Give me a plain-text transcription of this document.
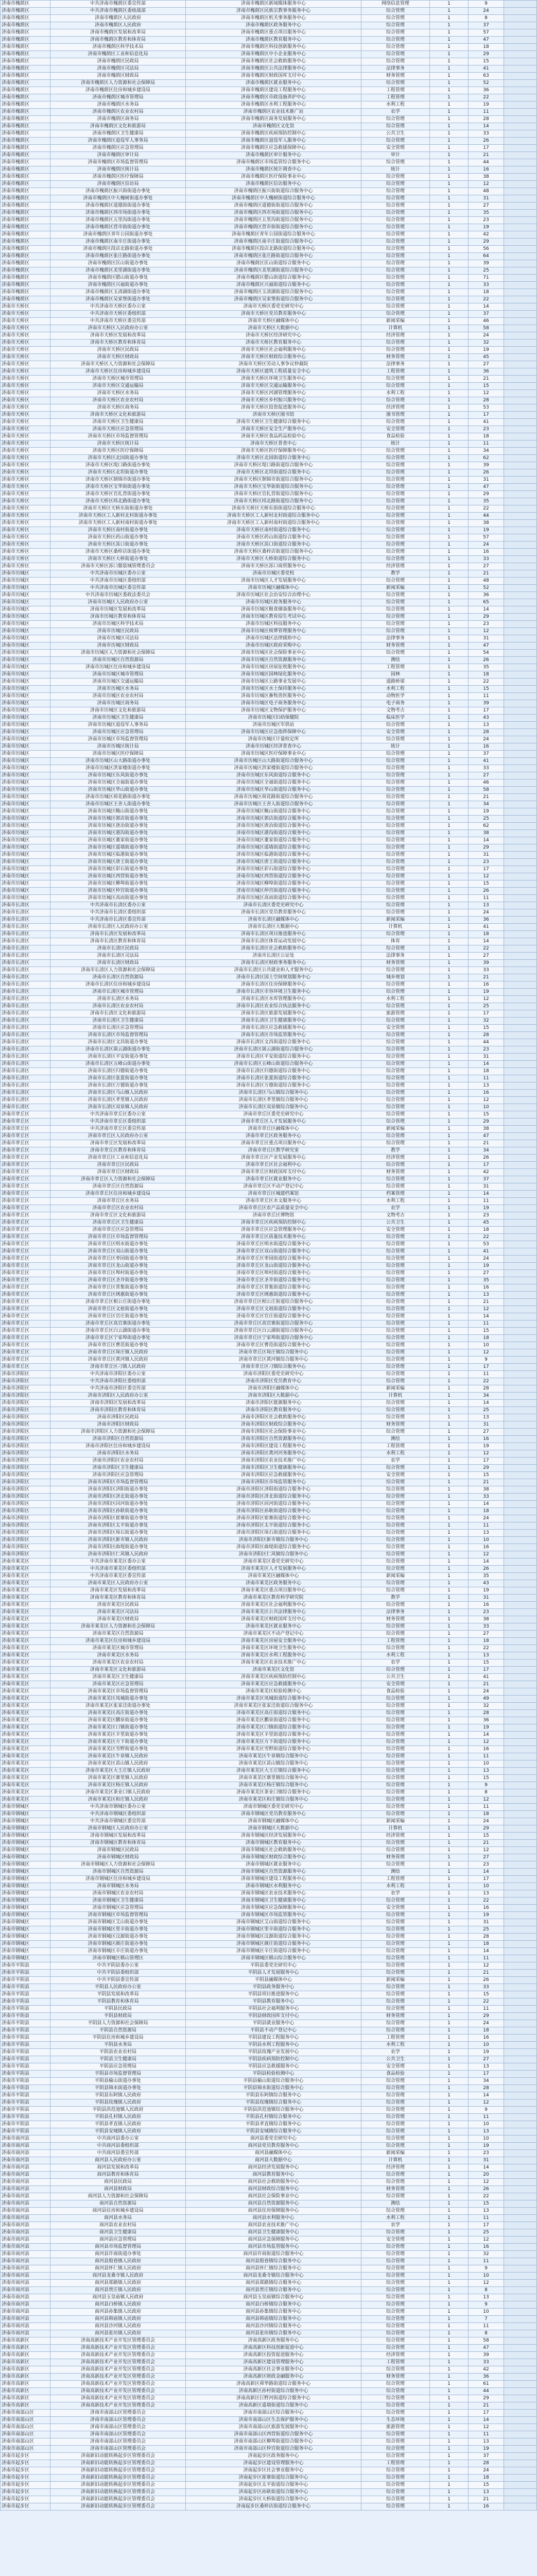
济南市槐荫区	中共济南市槐荫区委宣传部	济南市槐荫区新闻媒体服务中心	网络信息管理	1	9	
济南市槐荫区	中共济南市槐荫区委统战部	济南市槐荫区民族宗教事务服务中心	综合管理	1	24	
济南市槐荫区	济南市槐荫区人民政府	济南市槐荫区机关事务服务中心	综合管理	1	8	
济南市槐荫区	济南市槐荫区人民政府	济南市槐荫区政务服务中心	综合管理	1	37	
济南市槐荫区	济南市槐荫区发展和改革局	济南市槐荫区重点项目服务中心	综合管理	1	57	
济南市槐荫区	济南市槐荫区教育和体育局	济南市槐荫区教育服务中心	综合管理	1	47	
济南市槐荫区	济南市槐荫区科学技术局	济南市槐荫区科技创新服务中心	综合管理	1	18	
济南市槐荫区	济南市槐荫区工业和信息化局	济南市槐荫区中小企业服务中心	综合管理	1	29	
济南市槐荫区	济南市槐荫区民政局	济南市槐荫区社会救助服务中心	综合管理	1	15	
济南市槐荫区	济南市槐荫区司法局	济南市槐荫区公共法律服务中心	法律事务	1	41	
济南市槐荫区	济南市槐荫区财政局	济南市槐荫区财政国库支付中心	财务管理	1	63	
济南市槐荫区	济南市槐荫区人力资源和社会保障局	济南市槐荫区就业服务中心	综合管理	1	52	
济南市槐荫区	济南市槐荫区住房和城乡建设局	济南市槐荫区建设工程服务中心	工程管理	1	36	
济南市槐荫区	济南市槐荫区城市管理局	济南市槐荫区市政设施养护中心	工程管理	1	22	
济南市槐荫区	济南市槐荫区水务局	济南市槐荫区水利工程服务中心	水利工程	1	19	
济南市槐荫区	济南市槐荫区农业农村局	济南市槐荫区农业技术推广站	农学	1	11	
济南市槐荫区	济南市槐荫区商务局	济南市槐荫区商务发展服务中心	综合管理	1	28	
济南市槐荫区	济南市槐荫区文化和旅游局	济南市槐荫区文化馆	综合管理	1	14	
济南市槐荫区	济南市槐荫区卫生健康局	济南市槐荫区疾病预防控制中心	公共卫生	1	33	
济南市槐荫区	济南市槐荫区退役军人事务局	济南市槐荫区退役军人服务中心	综合管理	1	26	
济南市槐荫区	济南市槐荫区应急管理局	济南市槐荫区应急救援保障中心	安全管理	1	17	
济南市槐荫区	济南市槐荫区审计局	济南市槐荫区审计服务中心	审计	1	21	
济南市槐荫区	济南市槐荫区市场监督管理局	济南市槐荫区市场监管综合服务中心	综合管理	1	44	
济南市槐荫区	济南市槐荫区统计局	济南市槐荫区统计调查中心	统计	1	16	
济南市槐荫区	济南市槐荫区医疗保障局	济南市槐荫区医疗保险事业中心	综合管理	1	38	
济南市槐荫区	济南市槐荫区信访局	济南市槐荫区信访服务中心	综合管理	1	12	
济南市槐荫区	济南市槐荫区振兴街街道办事处	济南市槐荫区振兴街街道综合服务中心	综合管理	1	48	
济南市槐荫区	济南市槐荫区中大槐树街道办事处	济南市槐荫区中大槐树街道综合服务中心	综合管理	1	31	
济南市槐荫区	济南市槐荫区道德街街道办事处	济南市槐荫区道德街街道综合服务中心	综合管理	1	27	
济南市槐荫区	济南市槐荫区西市场街道办事处	济南市槐荫区西市场街道综合服务中心	综合管理	1	35	
济南市槐荫区	济南市槐荫区五里沟街道办事处	济南市槐荫区五里沟街道综合服务中心	综合管理	1	23	
济南市槐荫区	济南市槐荫区营市街街道办事处	济南市槐荫区营市街街道综合服务中心	综合管理	1	19	
济南市槐荫区	济南市槐荫区青年公园街道办事处	济南市槐荫区青年公园街道综合服务中心	综合管理	1	42	
济南市槐荫区	济南市槐荫区南辛庄街道办事处	济南市槐荫区南辛庄街道综合服务中心	综合管理	1	29	
济南市槐荫区	济南市槐荫区段店北路街道办事处	济南市槐荫区段店北路街道综合服务中心	综合管理	1	56	
济南市槐荫区	济南市槐荫区张庄路街道办事处	济南市槐荫区张庄路街道综合服务中心	综合管理	1	64	
济南市槐荫区	济南市槐荫区匡山街道办事处	济南市槐荫区匡山街道综合服务中心	综合管理	1	39	
济南市槐荫区	济南市槐荫区美里湖街道办事处	济南市槐荫区美里湖街道综合服务中心	综合管理	1	25	
济南市槐荫区	济南市槐荫区腊山街道办事处	济南市槐荫区腊山街道综合服务中心	综合管理	1	71	
济南市槐荫区	济南市槐荫区兴福街道办事处	济南市槐荫区兴福街道综合服务中心	综合管理	1	33	
济南市槐荫区	济南市槐荫区玉清湖街道办事处	济南市槐荫区玉清湖街道综合服务中心	综合管理	1	18	
济南市槐荫区	济南市槐荫区吴家堡街道办事处	济南市槐荫区吴家堡街道综合服务中心	综合管理	1	22	
济南市天桥区	中共济南市天桥区委办公室	济南市天桥区委党史研究中心	综合管理	1	14	
济南市天桥区	中共济南市天桥区委组织部	济南市天桥区党员教育服务中心	综合管理	1	37	
济南市天桥区	中共济南市天桥区委宣传部	济南市天桥区融媒体中心	新闻采编	1	46	
济南市天桥区	济南市天桥区人民政府办公室	济南市天桥区大数据中心	计算机	1	58	
济南市天桥区	济南市天桥区发展和改革局	济南市天桥区经济研究中心	经济管理	1	24	
济南市天桥区	济南市天桥区教育和体育局	济南市天桥区教育服务中心	综合管理	1	32	
济南市天桥区	济南市天桥区民政局	济南市天桥区社会福利服务中心	综合管理	1	19	
济南市天桥区	济南市天桥区财政局	济南市天桥区财政综合服务中心	财务管理	1	45	
济南市天桥区	济南市天桥区人力资源和社会保障局	济南市天桥区劳动人事争议仲裁院	法律事务	1	27	
济南市天桥区	济南市天桥区住房和城乡建设局	济南市天桥区建筑工程质量安全中心	工程管理	1	36	
济南市天桥区	济南市天桥区城市管理局	济南市天桥区环境卫生服务中心	综合管理	1	21	
济南市天桥区	济南市天桥区交通运输局	济南市天桥区交通运输服务中心	综合管理	1	15	
济南市天桥区	济南市天桥区水务局	济南市天桥区河湖管理服务中心	水利工程	1	12	
济南市天桥区	济南市天桥区农业农村局	济南市天桥区乡村振兴服务中心	综合管理	1	28	
济南市天桥区	济南市天桥区商务局	济南市天桥区投资促进服务中心	经济管理	1	53	
济南市天桥区	济南市天桥区文化和旅游局	济南市天桥区图书馆	图书管理	1	17	
济南市天桥区	济南市天桥区卫生健康局	济南市天桥区卫生健康综合服务中心	综合管理	1	41	
济南市天桥区	济南市天桥区应急管理局	济南市天桥区安全生产服务中心	安全管理	1	23	
济南市天桥区	济南市天桥区市场监督管理局	济南市天桥区食品药品检验中心	食品检验	1	18	
济南市天桥区	济南市天桥区统计局	济南市天桥区普查中心	统计	1	11	
济南市天桥区	济南市天桥区医疗保障局	济南市天桥区医疗保障服务中心	综合管理	1	34	
济南市天桥区	济南市天桥区北园街道办事处	济南市天桥区北园街道综合服务中心	综合管理	1	62	
济南市天桥区	济南市天桥区堤口路街道办事处	济南市天桥区堤口路街道综合服务中心	综合管理	1	39	
济南市天桥区	济南市天桥区北坦街道办事处	济南市天桥区北坦街道综合服务中心	综合管理	1	26	
济南市天桥区	济南市天桥区制锦市街道办事处	济南市天桥区制锦市街道综合服务中心	综合管理	1	31	
济南市天桥区	济南市天桥区宝华街街道办事处	济南市天桥区宝华街街道综合服务中心	综合管理	1	47	
济南市天桥区	济南市天桥区官扎营街道办事处	济南市天桥区官扎营街道综合服务中心	综合管理	1	29	
济南市天桥区	济南市天桥区纬北路街道办事处	济南市天桥区纬北路街道综合服务中心	综合管理	1	35	
济南市天桥区	济南市天桥区天桥东街街道办事处	济南市天桥区天桥东街街道综合服务中心	综合管理	1	22	
济南市天桥区	济南市天桥区工人新村北村街道办事处	济南市天桥区工人新村北村街道综合服务中心	综合管理	1	44	
济南市天桥区	济南市天桥区工人新村南村街道办事处	济南市天桥区工人新村南村街道综合服务中心	综合管理	1	38	
济南市天桥区	济南市天桥区南村街道办事处	济南市天桥区南村街道综合服务中心	综合管理	1	19	
济南市天桥区	济南市天桥区药山街道办事处	济南市天桥区药山街道综合服务中心	综合管理	1	57	
济南市天桥区	济南市天桥区泺口街道办事处	济南市天桥区泺口街道综合服务中心	综合管理	1	24	
济南市天桥区	济南市天桥区桑梓店街道办事处	济南市天桥区桑梓店街道综合服务中心	综合管理	1	16	
济南市天桥区	济南市天桥区大桥街道办事处	济南市天桥区大桥街道综合服务中心	综合管理	1	33	
济南市天桥区	济南市天桥区泺口服装城管理委员会	济南市天桥区泺口商贸服务中心	经济管理	1	27	
济南市历城区	中共济南市历城区委办公室	济南市历城区委党校	教学	1	21	
济南市历城区	中共济南市历城区委组织部	济南市历城区人才发展服务中心	综合管理	1	48	
济南市历城区	中共济南市历城区委宣传部	济南市历城区融媒体中心	新闻采编	1	52	
济南市历城区	中共济南市历城区委政法委员会	济南市历城区社会治安综合治理中心	综合管理	1	36	
济南市历城区	济南市历城区人民政府办公室	济南市历城区政务服务中心	综合管理	1	65	
济南市历城区	济南市历城区发展和改革局	济南市历城区粮食储备服务中心	综合管理	1	14	
济南市历城区	济南市历城区教育和体育局	济南市历城区教育招生考试中心	综合管理	1	29	
济南市历城区	济南市历城区科学技术局	济南市历城区科技服务中心	综合管理	1	23	
济南市历城区	济南市历城区民政局	济南市历城区殡葬管理服务中心	综合管理	1	12	
济南市历城区	济南市历城区司法局	济南市历城区法律援助中心	法律事务	1	31	
济南市历城区	济南市历城区财政局	济南市历城区政府采购中心	财务管理	1	47	
济南市历城区	济南市历城区人力资源和社会保障局	济南市历城区社会保险事业中心	综合管理	1	54	
济南市历城区	济南市历城区自然资源局	济南市历城区自然资源服务中心	测绘	1	26	
济南市历城区	济南市历城区住房和城乡建设局	济南市历城区房屋征收服务中心	工程管理	1	35	
济南市历城区	济南市历城区城市管理局	济南市历城区园林绿化服务中心	园林	1	18	
济南市历城区	济南市历城区交通运输局	济南市历城区公路事业发展中心	道路桥梁	1	22	
济南市历城区	济南市历城区水务局	济南市历城区水土保持服务中心	水利工程	1	15	
济南市历城区	济南市历城区农业农村局	济南市历城区畜牧兽医服务中心	动物医学	1	11	
济南市历城区	济南市历城区商务局	济南市历城区电子商务服务中心	电子商务	1	39	
济南市历城区	济南市历城区文化和旅游局	济南市历城区文物保护服务中心	文物考古	1	17	
济南市历城区	济南市历城区卫生健康局	济南市历城区妇幼保健院	临床医学	1	43	
济南市历城区	济南市历城区退役军人事务局	济南市历城区军供站	综合管理	1	13	
济南市历城区	济南市历城区应急管理局	济南市历城区应急指挥保障中心	安全管理	1	28	
济南市历城区	济南市历城区市场监督管理局	济南市历城区计量检定所	综合管理	1	24	
济南市历城区	济南市历城区统计局	济南市历城区经济普查中心	统计	1	16	
济南市历城区	济南市历城区医疗保障局	济南市历城区医疗保障事业中心	综合管理	1	37	
济南市历城区	济南市历城区山大路街道办事处	济南市历城区山大路街道综合服务中心	综合管理	1	41	
济南市历城区	济南市历城区洪家楼街道办事处	济南市历城区洪家楼街道综合服务中心	综合管理	1	33	
济南市历城区	济南市历城区东风街道办事处	济南市历城区东风街道综合服务中心	综合管理	1	27	
济南市历城区	济南市历城区全福街道办事处	济南市历城区全福街道综合服务中心	综合管理	1	46	
济南市历城区	济南市历城区华山街道办事处	济南市历城区华山街道综合服务中心	综合管理	1	58	
济南市历城区	济南市历城区荷花路街道办事处	济南市历城区荷花路街道综合服务中心	综合管理	1	21	
济南市历城区	济南市历城区王舍人街道办事处	济南市历城区王舍人街道综合服务中心	综合管理	1	34	
济南市历城区	济南市历城区鲍山街道办事处	济南市历城区鲍山街道综合服务中心	综合管理	1	19	
济南市历城区	济南市历城区郭店街道办事处	济南市历城区郭店街道综合服务中心	综合管理	1	25	
济南市历城区	济南市历城区唐冶街道办事处	济南市历城区唐冶街道综合服务中心	综合管理	1	62	
济南市历城区	济南市历城区港沟街道办事处	济南市历城区港沟街道综合服务中心	综合管理	1	38	
济南市历城区	济南市历城区董家街道办事处	济南市历城区董家街道综合服务中心	综合管理	1	14	
济南市历城区	济南市历城区遥墙街道办事处	济南市历城区遥墙街道综合服务中心	综合管理	1	29	
济南市历城区	济南市历城区临港街道办事处	济南市历城区临港街道综合服务中心	综合管理	1	31	
济南市历城区	济南市历城区唐王街道办事处	济南市历城区唐王街道综合服务中心	综合管理	1	23	
济南市历城区	济南市历城区彩石街道办事处	济南市历城区彩石街道综合服务中心	综合管理	1	17	
济南市历城区	济南市历城区西营街道办事处	济南市历城区西营街道综合服务中心	综合管理	1	12	
济南市历城区	济南市历城区柳埠街道办事处	济南市历城区柳埠街道综合服务中心	综合管理	1	15	
济南市历城区	济南市历城区仲宫街道办事处	济南市历城区仲宫街道综合服务中心	综合管理	1	26	
济南市历城区	济南市历城区高而街道办事处	济南市历城区高而街道综合服务中心	综合管理	1	11	
济南市长清区	中共济南市长清区委办公室	济南市长清区委党史研究中心	综合管理	1	13	
济南市长清区	中共济南市长清区委组织部	济南市长清区党员教育服务中心	综合管理	1	24	
济南市长清区	中共济南市长清区委宣传部	济南市长清区融媒体中心	新闻采编	1	36	
济南市长清区	济南市长清区人民政府办公室	济南市长清区大数据中心	计算机	1	41	
济南市长清区	济南市长清区发展和改革局	济南市长清区项目推进服务中心	综合管理	1	18	
济南市长清区	济南市长清区教育和体育局	济南市长清区体育运动发展中心	体育	1	14	
济南市长清区	济南市长清区民政局	济南市长清区社会救助服务中心	综合管理	1	22	
济南市长清区	济南市长清区司法局	济南市长清区公证处	法律事务	1	27	
济南市长清区	济南市长清区财政局	济南市长清区财政事务服务中心	财务管理	1	39	
济南市长清区	济南市长清区人力资源和社会保障局	济南市长清区公共就业和人才服务中心	综合管理	1	33	
济南市长清区	济南市长清区自然资源局	济南市长清区国土空间规划服务中心	城乡规划	1	21	
济南市长清区	济南市长清区住房和城乡建设局	济南市长清区住房保障服务中心	综合管理	1	16	
济南市长清区	济南市长清区城市管理局	济南市长清区市容环境卫生服务中心	综合管理	1	19	
济南市长清区	济南市长清区水务局	济南市长清区水库管理服务中心	水利工程	1	12	
济南市长清区	济南市长清区农业农村局	济南市长清区农业综合执法服务中心	综合管理	1	25	
济南市长清区	济南市长清区文化和旅游局	济南市长清区旅游发展服务中心	旅游管理	1	17	
济南市长清区	济南市长清区卫生健康局	济南市长清区卫生健康服务中心	综合管理	1	32	
济南市长清区	济南市长清区应急管理局	济南市长清区应急救援服务中心	安全管理	1	15	
济南市长清区	济南市长清区市场监督管理局	济南市长清区市场监管服务中心	综合管理	1	28	
济南市长清区	济南市长清区文昌街道办事处	济南市长清区文昌街道综合服务中心	综合管理	1	44	
济南市长清区	济南市长清区崮云湖街道办事处	济南市长清区崮云湖街道综合服务中心	综合管理	1	23	
济南市长清区	济南市长清区平安街道办事处	济南市长清区平安街道综合服务中心	综合管理	1	31	
济南市长清区	济南市长清区五峰山街道办事处	济南市长清区五峰山街道综合服务中心	综合管理	1	14	
济南市长清区	济南市长清区归德街道办事处	济南市长清区归德街道综合服务中心	综合管理	1	18	
济南市长清区	济南市长清区张夏街道办事处	济南市长清区张夏街道综合服务中心	综合管理	1	11	
济南市长清区	济南市长清区万德街道办事处	济南市长清区万德街道综合服务中心	综合管理	1	13	
济南市长清区	济南市长清区马山镇人民政府	济南市长清区马山镇综合服务中心	综合管理	1	16	
济南市长清区	济南市长清区孝里镇人民政府	济南市长清区孝里镇综合服务中心	综合管理	1	12	
济南市长清区	济南市长清区双泉镇人民政府	济南市长清区双泉镇综合服务中心	综合管理	1	10	
济南市章丘区	中共济南市章丘区委办公室	济南市章丘区委党史研究中心	综合管理	1	15	
济南市章丘区	中共济南市章丘区委组织部	济南市章丘区人才发展服务中心	综合管理	1	29	
济南市章丘区	中共济南市章丘区委宣传部	济南市章丘区融媒体中心	新闻采编	1	38	
济南市章丘区	济南市章丘区人民政府办公室	济南市章丘区政务服务中心	综合管理	1	47	
济南市章丘区	济南市章丘区发展和改革局	济南市章丘区重点项目服务中心	综合管理	1	21	
济南市章丘区	济南市章丘区教育和体育局	济南市章丘区教学研究室	教学	1	34	
济南市章丘区	济南市章丘区工业和信息化局	济南市章丘区产业发展服务中心	经济管理	1	26	
济南市章丘区	济南市章丘区民政局	济南市章丘区社会福利中心	综合管理	1	17	
济南市章丘区	济南市章丘区财政局	济南市章丘区财政国库支付中心	财务管理	1	42	
济南市章丘区	济南市章丘区人力资源和社会保障局	济南市章丘区就业服务中心	综合管理	1	37	
济南市章丘区	济南市章丘区自然资源局	济南市章丘区不动产登记中心	综合管理	1	31	
济南市章丘区	济南市章丘区住房和城乡建设局	济南市章丘区城建档案馆	档案管理	1	14	
济南市章丘区	济南市章丘区水务局	济南市章丘区水文服务中心	水利工程	1	11	
济南市章丘区	济南市章丘区农业农村局	济南市章丘区农产品质量安全中心	农学	1	19	
济南市章丘区	济南市章丘区文化和旅游局	济南市章丘区博物馆	文物考古	1	23	
济南市章丘区	济南市章丘区卫生健康局	济南市章丘区疾病预防控制中心	公共卫生	1	45	
济南市章丘区	济南市章丘区应急管理局	济南市章丘区应急管理服务中心	安全管理	1	18	
济南市章丘区	济南市章丘区市场监督管理局	济南市章丘区质量技术服务中心	综合管理	1	22	
济南市章丘区	济南市章丘区明水街道办事处	济南市章丘区明水街道综合服务中心	综合管理	1	53	
济南市章丘区	济南市章丘区双山街道办事处	济南市章丘区双山街道综合服务中心	综合管理	1	41	
济南市章丘区	济南市章丘区枣园街道办事处	济南市章丘区枣园街道综合服务中心	综合管理	1	24	
济南市章丘区	济南市章丘区龙山街道办事处	济南市章丘区龙山街道综合服务中心	综合管理	1	19	
济南市章丘区	济南市章丘区埠村街道办事处	济南市章丘区埠村街道综合服务中心	综合管理	1	27	
济南市章丘区	济南市章丘区圣井街道办事处	济南市章丘区圣井街道综合服务中心	综合管理	1	35	
济南市章丘区	济南市章丘区普集街道办事处	济南市章丘区普集街道综合服务中心	综合管理	1	16	
济南市章丘区	济南市章丘区绣惠街道办事处	济南市章丘区绣惠街道综合服务中心	综合管理	1	13	
济南市章丘区	济南市章丘区相公庄街道办事处	济南市章丘区相公庄街道综合服务中心	综合管理	1	21	
济南市章丘区	济南市章丘区文祖街道办事处	济南市章丘区文祖街道综合服务中心	综合管理	1	12	
济南市章丘区	济南市章丘区官庄街道办事处	济南市章丘区官庄街道综合服务中心	综合管理	1	14	
济南市章丘区	济南市章丘区高官寨街道办事处	济南市章丘区高官寨街道综合服务中心	综合管理	1	11	
济南市章丘区	济南市章丘区白云湖街道办事处	济南市章丘区白云湖街道综合服务中心	综合管理	1	15	
济南市章丘区	济南市章丘区宁家埠街道办事处	济南市章丘区宁家埠街道综合服务中心	综合管理	1	18	
济南市章丘区	济南市章丘区曹范街道办事处	济南市章丘区曹范街道综合服务中心	综合管理	1	10	
济南市章丘区	济南市章丘区垛庄镇人民政府	济南市章丘区垛庄镇综合服务中心	综合管理	1	12	
济南市章丘区	济南市章丘区黄河镇人民政府	济南市章丘区黄河镇综合服务中心	综合管理	1	9	
济南市章丘区	济南市章丘区刁镇人民政府	济南市章丘区刁镇综合服务中心	综合管理	1	17	
济南市济阳区	中共济南市济阳区委办公室	济南市济阳区委党史研究中心	综合管理	1	11	
济南市济阳区	中共济南市济阳区委组织部	济南市济阳区党员教育中心	综合管理	1	22	
济南市济阳区	中共济南市济阳区委宣传部	济南市济阳区融媒体中心	新闻采编	1	28	
济南市济阳区	济南市济阳区人民政府办公室	济南市济阳区大数据中心	计算机	1	34	
济南市济阳区	济南市济阳区发展和改革局	济南市济阳区能源服务中心	综合管理	1	14	
济南市济阳区	济南市济阳区教育和体育局	济南市济阳区教育服务中心	综合管理	1	25	
济南市济阳区	济南市济阳区民政局	济南市济阳区社会救助服务中心	综合管理	1	13	
济南市济阳区	济南市济阳区财政局	济南市济阳区财政综合服务中心	财务管理	1	31	
济南市济阳区	济南市济阳区人力资源和社会保障局	济南市济阳区社会保险事业中心	综合管理	1	27	
济南市济阳区	济南市济阳区自然资源局	济南市济阳区自然资源服务中心	测绘	1	16	
济南市济阳区	济南市济阳区住房和城乡建设局	济南市济阳区建设工程服务中心	工程管理	1	19	
济南市济阳区	济南市济阳区水务局	济南市济阳区黄河河务服务中心	水利工程	1	12	
济南市济阳区	济南市济阳区农业农村局	济南市济阳区农业技术推广中心	农学	1	17	
济南市济阳区	济南市济阳区卫生健康局	济南市济阳区卫生健康服务中心	综合管理	1	29	
济南市济阳区	济南市济阳区应急管理局	济南市济阳区应急救援服务中心	安全管理	1	15	
济南市济阳区	济南市济阳区市场监督管理局	济南市济阳区市场监管服务中心	综合管理	1	21	
济南市济阳区	济南市济阳区济阳街道办事处	济南市济阳区济阳街道综合服务中心	综合管理	1	38	
济南市济阳区	济南市济阳区济北街道办事处	济南市济阳区济北街道综合服务中心	综合管理	1	33	
济南市济阳区	济南市济阳区回河街道办事处	济南市济阳区回河街道综合服务中心	综合管理	1	14	
济南市济阳区	济南市济阳区孙耿街道办事处	济南市济阳区孙耿街道综合服务中心	综合管理	1	18	
济南市济阳区	济南市济阳区崔寨街道办事处	济南市济阳区崔寨街道综合服务中心	综合管理	1	24	
济南市济阳区	济南市济阳区太平街道办事处	济南市济阳区太平街道综合服务中心	综合管理	1	11	
济南市济阳区	济南市济阳区垛石街道办事处	济南市济阳区垛石街道综合服务中心	综合管理	1	13	
济南市济阳区	济南市济阳区新市镇人民政府	济南市济阳区新市镇综合服务中心	综合管理	1	10	
济南市济阳区	济南市济阳区曲堤街道办事处	济南市济阳区曲堤街道综合服务中心	综合管理	1	16	
济南市济阳区	济南市济阳区仁风镇人民政府	济南市济阳区仁风镇综合服务中心	综合管理	1	12	
济南市莱芜区	中共济南市莱芜区委办公室	济南市莱芜区委党史研究中心	综合管理	1	14	
济南市莱芜区	中共济南市莱芜区委组织部	济南市莱芜区人才发展服务中心	综合管理	1	26	
济南市莱芜区	中共济南市莱芜区委宣传部	济南市莱芜区融媒体中心	新闻采编	1	35	
济南市莱芜区	济南市莱芜区人民政府办公室	济南市莱芜区政务服务中心	综合管理	1	43	
济南市莱芜区	济南市莱芜区发展和改革局	济南市莱芜区重点项目服务中心	综合管理	1	19	
济南市莱芜区	济南市莱芜区教育和体育局	济南市莱芜区教育科学研究院	教学	1	31	
济南市莱芜区	济南市莱芜区民政局	济南市莱芜区社会福利服务中心	综合管理	1	16	
济南市莱芜区	济南市莱芜区司法局	济南市莱芜区公共法律服务中心	法律事务	1	23	
济南市莱芜区	济南市莱芜区财政局	济南市莱芜区财政国库支付中心	财务管理	1	38	
济南市莱芜区	济南市莱芜区人力资源和社会保障局	济南市莱芜区就业服务中心	综合管理	1	33	
济南市莱芜区	济南市莱芜区自然资源局	济南市莱芜区不动产登记中心	综合管理	1	27	
济南市莱芜区	济南市莱芜区住房和城乡建设局	济南市莱芜区房屋安全服务中心	工程管理	1	18	
济南市莱芜区	济南市莱芜区城市管理局	济南市莱芜区环境卫生服务中心	综合管理	1	22	
济南市莱芜区	济南市莱芜区水务局	济南市莱芜区水利工程服务中心	水利工程	1	13	
济南市莱芜区	济南市莱芜区农业农村局	济南市莱芜区农业技术推广中心	农学	1	15	
济南市莱芜区	济南市莱芜区文化和旅游局	济南市莱芜区文化馆	综合管理	1	17	
济南市莱芜区	济南市莱芜区卫生健康局	济南市莱芜区疾病预防控制中心	公共卫生	1	41	
济南市莱芜区	济南市莱芜区应急管理局	济南市莱芜区应急救援服务中心	安全管理	1	21	
济南市莱芜区	济南市莱芜区市场监督管理局	济南市莱芜区检验检测中心	食品检验	1	24	
济南市莱芜区	济南市莱芜区凤城街道办事处	济南市莱芜区凤城街道综合服务中心	综合管理	1	49	
济南市莱芜区	济南市莱芜区张家洼街道办事处	济南市莱芜区张家洼街道综合服务中心	综合管理	1	32	
济南市莱芜区	济南市莱芜区高庄街道办事处	济南市莱芜区高庄街道综合服务中心	综合管理	1	28	
济南市莱芜区	济南市莱芜区鹏泉街道办事处	济南市莱芜区鹏泉街道综合服务中心	综合管理	1	36	
济南市莱芜区	济南市莱芜区口镇街道办事处	济南市莱芜区口镇街道综合服务中心	综合管理	1	19	
济南市莱芜区	济南市莱芜区羊里街道办事处	济南市莱芜区羊里街道综合服务中心	综合管理	1	14	
济南市莱芜区	济南市莱芜区方下街道办事处	济南市莱芜区方下街道综合服务中心	综合管理	1	12	
济南市莱芜区	济南市莱芜区雪野街道办事处	济南市莱芜区雪野街道综合服务中心	综合管理	1	16	
济南市莱芜区	济南市莱芜区牛泉镇人民政府	济南市莱芜区牛泉镇综合服务中心	综合管理	1	11	
济南市莱芜区	济南市莱芜区苗山镇人民政府	济南市莱芜区苗山镇综合服务中心	综合管理	1	10	
济南市莱芜区	济南市莱芜区大王庄镇人民政府	济南市莱芜区大王庄镇综合服务中心	综合管理	1	13	
济南市莱芜区	济南市莱芜区寨里镇人民政府	济南市莱芜区寨里镇综合服务中心	综合管理	1	15	
济南市莱芜区	济南市莱芜区杨庄镇人民政府	济南市莱芜区杨庄镇综合服务中心	综合管理	1	9	
济南市莱芜区	济南市莱芜区茶业口镇人民政府	济南市莱芜区茶业口镇综合服务中心	综合管理	1	8	
济南市莱芜区	济南市莱芜区和庄镇人民政府	济南市莱芜区和庄镇综合服务中心	综合管理	1	12	
济南市钢城区	中共济南市钢城区委办公室	济南市钢城区委党史研究中心	综合管理	1	11	
济南市钢城区	中共济南市钢城区委组织部	济南市钢城区党员教育服务中心	综合管理	1	18	
济南市钢城区	中共济南市钢城区委宣传部	济南市钢城区融媒体中心	新闻采编	1	24	
济南市钢城区	济南市钢城区人民政府办公室	济南市钢城区大数据中心	计算机	1	29	
济南市钢城区	济南市钢城区发展和改革局	济南市钢城区经济发展服务中心	经济管理	1	15	
济南市钢城区	济南市钢城区教育和体育局	济南市钢城区教育服务中心	综合管理	1	21	
济南市钢城区	济南市钢城区民政局	济南市钢城区社会救助服务中心	综合管理	1	12	
济南市钢城区	济南市钢城区财政局	济南市钢城区财政综合服务中心	财务管理	1	27	
济南市钢城区	济南市钢城区人力资源和社会保障局	济南市钢城区就业服务中心	综合管理	1	23	
济南市钢城区	济南市钢城区自然资源局	济南市钢城区自然资源服务中心	测绘	1	14	
济南市钢城区	济南市钢城区住房和城乡建设局	济南市钢城区建设工程服务中心	工程管理	1	17	
济南市钢城区	济南市钢城区水务局	济南市钢城区水利服务中心	水利工程	1	10	
济南市钢城区	济南市钢城区农业农村局	济南市钢城区农业技术服务中心	农学	1	13	
济南市钢城区	济南市钢城区卫生健康局	济南市钢城区卫生健康服务中心	综合管理	1	22	
济南市钢城区	济南市钢城区应急管理局	济南市钢城区应急保障服务中心	安全管理	1	16	
济南市钢城区	济南市钢城区市场监督管理局	济南市钢城区市场监管服务中心	综合管理	1	19	
济南市钢城区	济南市钢城区艾山街道办事处	济南市钢城区艾山街道综合服务中心	综合管理	1	31	
济南市钢城区	济南市钢城区里辛街道办事处	济南市钢城区里辛街道综合服务中心	综合管理	1	25	
济南市钢城区	济南市钢城区汶源街道办事处	济南市钢城区汶源街道综合服务中心	综合管理	1	28	
济南市钢城区	济南市钢城区颜庄街道办事处	济南市钢城区颜庄街道综合服务中心	综合管理	1	18	
济南市钢城区	济南市钢城区辛庄街道办事处	济南市钢城区辛庄街道综合服务中心	综合管理	1	14	
济南市钢城区	济南市钢城区棋山管理区	济南市钢城区棋山综合服务中心	综合管理	1	11	
济南市平阴县	中共平阴县委办公室	平阴县委党史研究中心	综合管理	1	12	
济南市平阴县	中共平阴县委组织部	平阴县人才发展服务中心	综合管理	1	21	
济南市平阴县	中共平阴县委宣传部	平阴县融媒体中心	新闻采编	1	26	
济南市平阴县	平阴县人民政府办公室	平阴县政务服务中心	综合管理	1	33	
济南市平阴县	平阴县发展和改革局	平阴县项目推进服务中心	综合管理	1	15	
济南市平阴县	平阴县教育和体育局	平阴县教育服务中心	综合管理	1	22	
济南市平阴县	平阴县民政局	平阴县社会福利服务中心	综合管理	1	11	
济南市平阴县	平阴县财政局	平阴县财政国库支付中心	财务管理	1	29	
济南市平阴县	平阴县人力资源和社会保障局	平阴县就业服务中心	综合管理	1	24	
济南市平阴县	平阴县自然资源局	平阴县不动产登记中心	综合管理	1	18	
济南市平阴县	平阴县住房和城乡建设局	平阴县建设工程服务中心	工程管理	1	16	
济南市平阴县	平阴县水务局	平阴县水利工程服务中心	水利工程	1	10	
济南市平阴县	平阴县农业农村局	平阴县玫瑰产业发展中心	农学	1	19	
济南市平阴县	平阴县卫生健康局	平阴县疾病预防控制中心	公共卫生	1	27	
济南市平阴县	平阴县应急管理局	平阴县应急救援服务中心	安全管理	1	13	
济南市平阴县	平阴县市场监督管理局	平阴县检验检测中心	食品检验	1	17	
济南市平阴县	平阴县榆山街道办事处	平阴县榆山街道综合服务中心	综合管理	1	34	
济南市平阴县	平阴县锦水街道办事处	平阴县锦水街道综合服务中心	综合管理	1	28	
济南市平阴县	平阴县东阿镇人民政府	平阴县东阿镇综合服务中心	综合管理	1	14	
济南市平阴县	平阴县玫瑰镇人民政府	平阴县玫瑰镇综合服务中心	综合管理	1	12	
济南市平阴县	平阴县洪范池镇人民政府	平阴县洪范池镇综合服务中心	综合管理	1	9	
济南市平阴县	平阴县孔村镇人民政府	平阴县孔村镇综合服务中心	综合管理	1	11	
济南市平阴县	平阴县孝直镇人民政府	平阴县孝直镇综合服务中心	综合管理	1	10	
济南市平阴县	平阴县安城镇人民政府	平阴县安城镇综合服务中心	综合管理	1	13	
济南市商河县	中共商河县委办公室	商河县委党史研究中心	综合管理	1	10	
济南市商河县	中共商河县委组织部	商河县党员教育服务中心	综合管理	1	19	
济南市商河县	中共商河县委宣传部	商河县融媒体中心	新闻采编	1	23	
济南市商河县	商河县人民政府办公室	商河县大数据中心	计算机	1	31	
济南市商河县	商河县发展和改革局	商河县经济发展服务中心	经济管理	1	14	
济南市商河县	商河县教育和体育局	商河县教育服务中心	综合管理	1	20	
济南市商河县	商河县民政局	商河县社会救助服务中心	综合管理	1	12	
济南市商河县	商河县财政局	商河县财政综合服务中心	财务管理	1	26	
济南市商河县	商河县人力资源和社会保障局	商河县社会保险事业中心	综合管理	1	22	
济南市商河县	商河县自然资源局	商河县自然资源服务中心	测绘	1	15	
济南市商河县	商河县住房和城乡建设局	商河县住房保障服务中心	综合管理	1	13	
济南市商河县	商河县水务局	商河县水利服务中心	水利工程	1	11	
济南市商河县	商河县农业农村局	商河县农业技术推广中心	农学	1	17	
济南市商河县	商河县卫生健康局	商河县卫生健康服务中心	综合管理	1	25	
济南市商河县	商河县应急管理局	商河县应急保障服务中心	安全管理	1	12	
济南市商河县	商河县市场监督管理局	商河县市场监管服务中心	综合管理	1	16	
济南市商河县	商河县许商街道办事处	商河县许商街道综合服务中心	综合管理	1	32	
济南市商河县	商河县殷巷镇人民政府	商河县殷巷镇综合服务中心	综合管理	1	11	
济南市商河县	商河县怀仁镇人民政府	商河县怀仁镇综合服务中心	综合管理	1	9	
济南市商河县	商河县龙桑寺镇人民政府	商河县龙桑寺镇综合服务中心	综合管理	1	10	
济南市商河县	商河县郑路镇人民政府	商河县郑路镇综合服务中心	综合管理	1	12	
济南市商河县	商河县贾庄镇人民政府	商河县贾庄镇综合服务中心	综合管理	1	8	
济南市商河县	商河县玉皇庙镇人民政府	商河县玉皇庙镇综合服务中心	综合管理	1	13	
济南市商河县	商河县白桥镇人民政府	商河县白桥镇综合服务中心	综合管理	1	9	
济南市商河县	商河县孙集镇人民政府	商河县孙集镇综合服务中心	综合管理	1	10	
济南市商河县	商河县韩庙镇人民政府	商河县韩庙镇综合服务中心	综合管理	1	7	
济南市商河县	商河县沙河镇人民政府	商河县沙河镇综合服务中心	综合管理	1	11	
济南市商河县	商河县张坊镇人民政府	商河县张坊镇综合服务中心	综合管理	1	8	
济南市高新区	济南高新技术产业开发区管理委员会	济南高新区政务服务中心	综合管理	1	58	
济南市高新区	济南高新技术产业开发区管理委员会	济南高新区科技创新促进中心	综合管理	1	47	
济南市高新区	济南高新技术产业开发区管理委员会	济南高新区投资促进服务中心	经济管理	1	39	
济南市高新区	济南高新技术产业开发区管理委员会	济南高新区建设管理服务中心	工程管理	1	33	
济南市高新区	济南高新技术产业开发区管理委员会	济南高新区社会事业服务中心	综合管理	1	42	
济南市高新区	济南高新技术产业开发区管理委员会	济南高新区财政金融服务中心	财务管理	1	36	
济南市高新区	济南高新技术产业开发区管理委员会	济南高新区舜华路街道综合服务中心	综合管理	1	61	
济南市高新区	济南高新技术产业开发区管理委员会	济南高新区孙村街道综合服务中心	综合管理	1	44	
济南市高新区	济南高新技术产业开发区管理委员会	济南高新区巨野河街道综合服务中心	综合管理	1	29	
济南市高新区	济南高新技术产业开发区管理委员会	济南高新区遥墙街道综合服务中心	综合管理	1	21	
济南市南部山区	济南市南部山区管理委员会	济南市南部山区综合服务中心	综合管理	1	17	
济南市南部山区	济南市南部山区管理委员会	济南市南部山区生态保护服务中心	生态环境	1	14	
济南市南部山区	济南市南部山区管理委员会	济南市南部山区旅游发展服务中心	旅游管理	1	12	
济南市南部山区	济南市南部山区管理委员会	济南市南部山区西营街道综合服务中心	综合管理	1	11	
济南市南部山区	济南市南部山区管理委员会	济南市南部山区柳埠街道综合服务中心	综合管理	1	13	
济南市南部山区	济南市南部山区管理委员会	济南市南部山区仲宫街道综合服务中心	综合管理	1	19	
济南市起步区	济南新旧动能转换起步区管理委员会	济南起步区政务服务中心	综合管理	1	37	
济南市起步区	济南新旧动能转换起步区管理委员会	济南起步区建设管理服务中心	工程管理	1	28	
济南市起步区	济南新旧动能转换起步区管理委员会	济南起步区社会事业服务中心	综合管理	1	24	
济南市起步区	济南新旧动能转换起步区管理委员会	济南起步区崔寨街道综合服务中心	综合管理	1	18	
济南市起步区	济南新旧动能转换起步区管理委员会	济南起步区太平街道综合服务中心	综合管理	1	15	
济南市起步区	济南新旧动能转换起步区管理委员会	济南起步区孙耿街道综合服务中心	综合管理	1	13	
济南市起步区	济南新旧动能转换起步区管理委员会	济南起步区大桥街道综合服务中心	综合管理	1	21	
济南市起步区	济南新旧动能转换起步区管理委员会	济南起步区桑梓店街道综合服务中心	综合管理	1	16	
